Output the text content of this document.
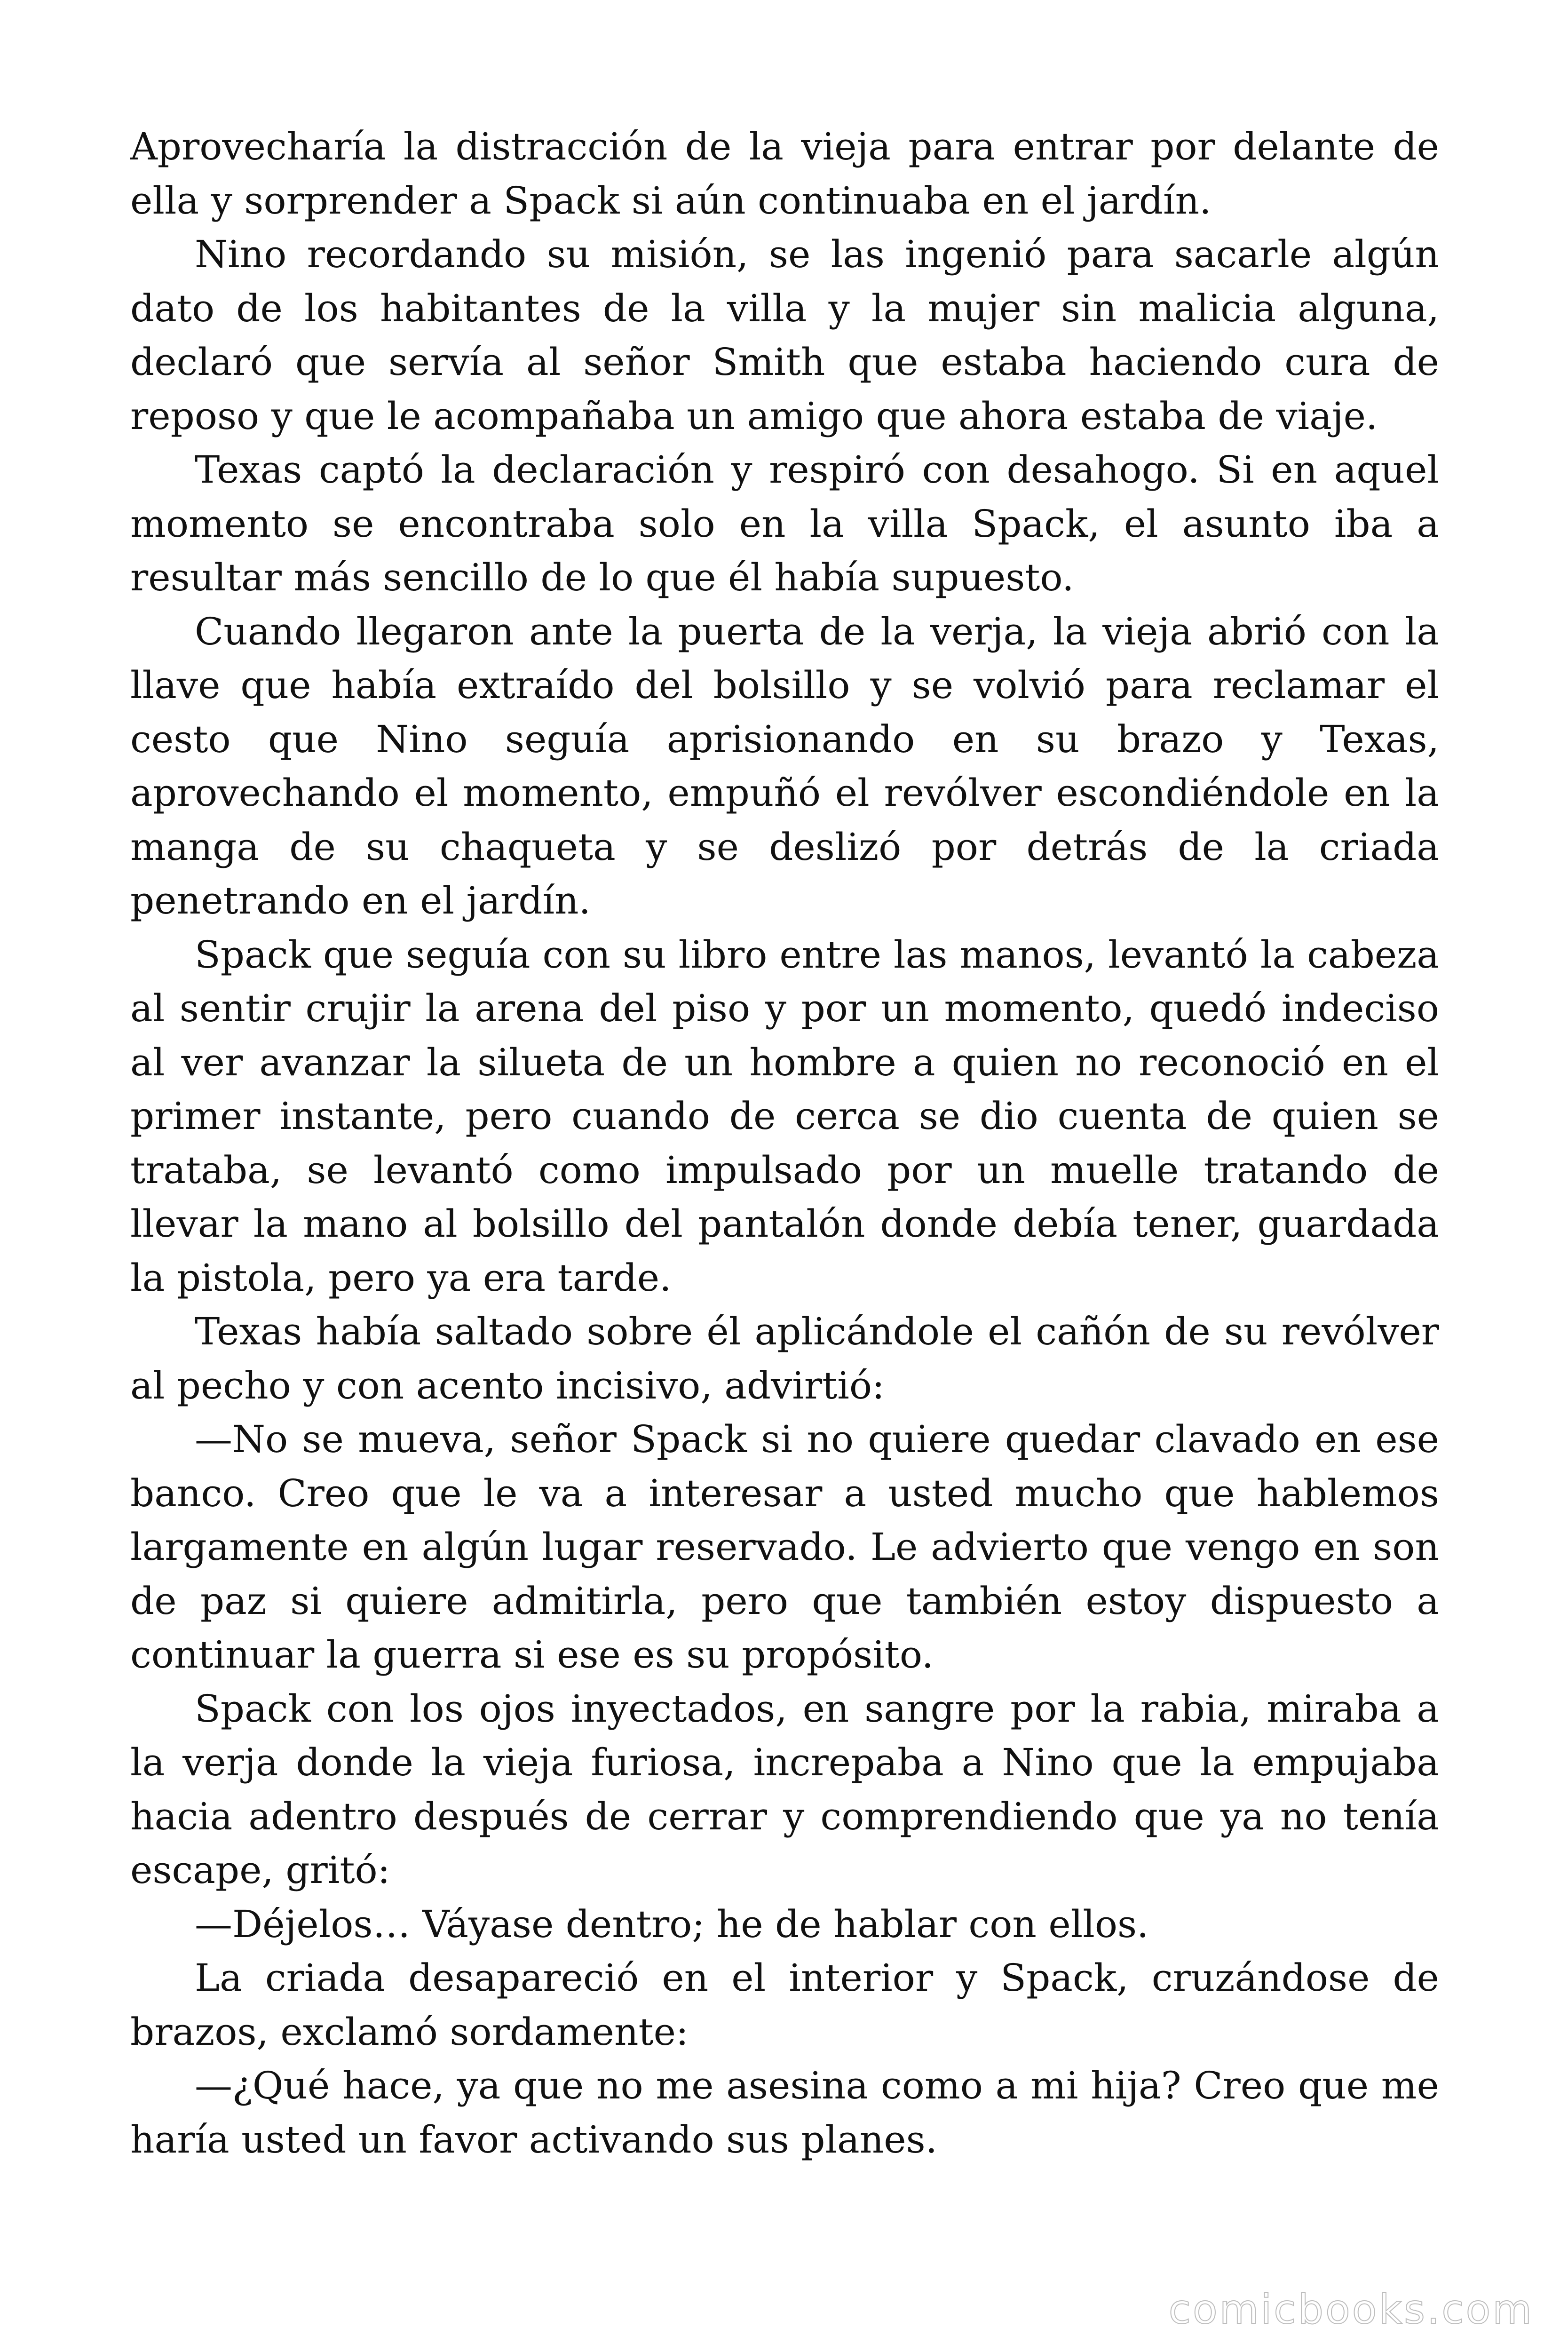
Aprovecharía la distracción de la vieja para entrar por delante de ella y sorprender a Spack si aún continuaba en el jardín.

Nino recordando su misión, se las ingenió para sacarle algún dato de los habitantes de la villa y la mujer sin malicia alguna, declaró que servía al señor Smith que estaba haciendo cura de reposo y que le acompañaba un amigo que ahora estaba de viaje.

Texas captó la declaración y respiró con desahogo. Si en aquel momento se encontraba solo en la villa Spack, el asunto iba a resultar más sencillo de lo que él había supuesto.

Cuando llegaron ante la puerta de la verja, la vieja abrió con la llave que había extraído del bolsillo y se volvió para reclamar el cesto que Nino seguía aprisionando en su brazo y Texas, aprovechando el momento, empuñó el revólver escondiéndole en la manga de su chaqueta y se deslizó por detrás de la criada penetrando en el jardín.

Spack que seguía con su libro entre las manos, levantó la cabeza al sentir crujir la arena del piso y por un momento, quedó indeciso al ver avanzar la silueta de un hombre a quien no reconoció en el primer instante, pero cuando de cerca se dio cuenta de quien se trataba, se levantó como impulsado por un muelle tratando de llevar la mano al bolsillo del pantalón donde debía tener, guardada la pistola, pero ya era tarde.

Texas había saltado sobre él aplicándole el cañón de su revólver al pecho y con acento incisivo, advirtió:

—No se mueva, señor Spack si no quiere quedar clavado en ese banco. Creo que le va a interesar a usted mucho que hablemos largamente en algún lugar reservado. Le advierto que vengo en son de paz si quiere admitirla, pero que también estoy dispuesto a continuar la guerra si ese es su propósito.

Spack con los ojos inyectados, en sangre por la rabia, miraba a la verja donde la vieja furiosa, increpaba a Nino que la empujaba hacia adentro después de cerrar y comprendiendo que ya no tenía escape, gritó:

—Déjelos… Váyase dentro; he de hablar con ellos.

La criada desapareció en el interior y Spack, cruzándose de brazos, exclamó sordamente:

—¿Qué hace, ya que no me asesina como a mi hija? Creo que me haría usted un favor activando sus planes.

comicbooks.com
